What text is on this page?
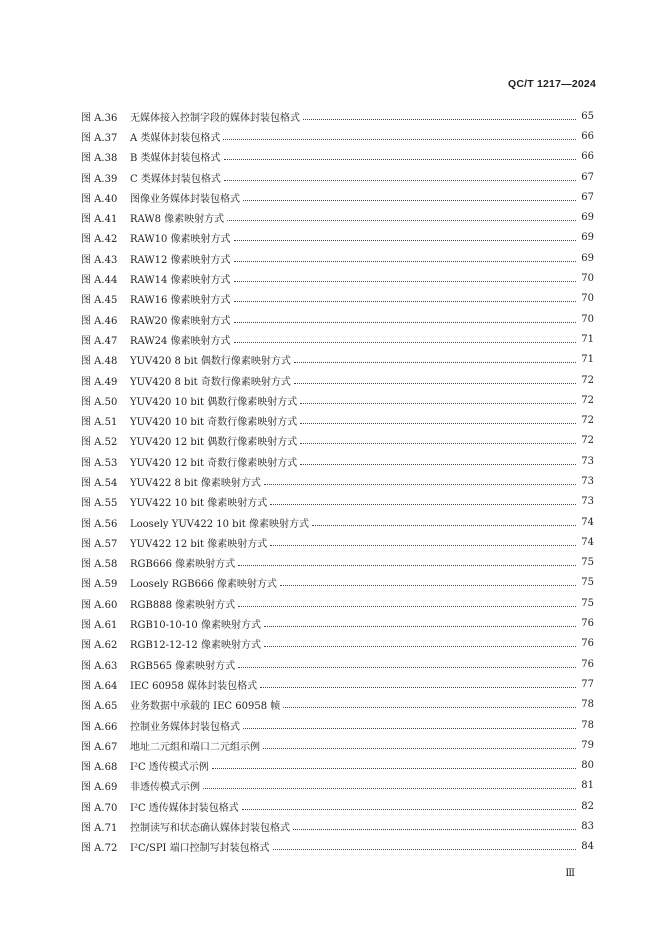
QC/T 1217—2024
图 A.36	无媒体接入控制字段的媒体封装包格式	65
图 A.37	A 类媒体封装包格式	66
图 A.38	B 类媒体封装包格式	66
图 A.39	C 类媒体封装包格式	67
图 A.40	图像业务媒体封装包格式	67
图 A.41	RAW8 像素映射方式	69
图 A.42	RAW10 像素映射方式	69
图 A.43	RAW12 像素映射方式	69
图 A.44	RAW14 像素映射方式	70
图 A.45	RAW16 像素映射方式	70
图 A.46	RAW20 像素映射方式	70
图 A.47	RAW24 像素映射方式	71
图 A.48	YUV420 8 bit 偶数行像素映射方式	71
图 A.49	YUV420 8 bit 奇数行像素映射方式	72
图 A.50	YUV420 10 bit 偶数行像素映射方式	72
图 A.51	YUV420 10 bit 奇数行像素映射方式	72
图 A.52	YUV420 12 bit 偶数行像素映射方式	72
图 A.53	YUV420 12 bit 奇数行像素映射方式	73
图 A.54	YUV422 8 bit 像素映射方式	73
图 A.55	YUV422 10 bit 像素映射方式	73
图 A.56	Loosely YUV422 10 bit 像素映射方式	74
图 A.57	YUV422 12 bit 像素映射方式	74
图 A.58	RGB666 像素映射方式	75
图 A.59	Loosely RGB666 像素映射方式	75
图 A.60	RGB888 像素映射方式	75
图 A.61	RGB10-10-10 像素映射方式	76
图 A.62	RGB12-12-12 像素映射方式	76
图 A.63	RGB565 像素映射方式	76
图 A.64	IEC 60958 媒体封装包格式	77
图 A.65	业务数据中承载的 IEC 60958 帧	78
图 A.66	控制业务媒体封装包格式	78
图 A.67	地址二元组和端口二元组示例	79
图 A.68	I²C 透传模式示例	80
图 A.69	非透传模式示例	81
图 A.70	I²C 透传媒体封装包格式	82
图 A.71	控制读写和状态确认媒体封装包格式	83
图 A.72	I²C/SPI 端口控制写封装包格式	84
Ⅲ
